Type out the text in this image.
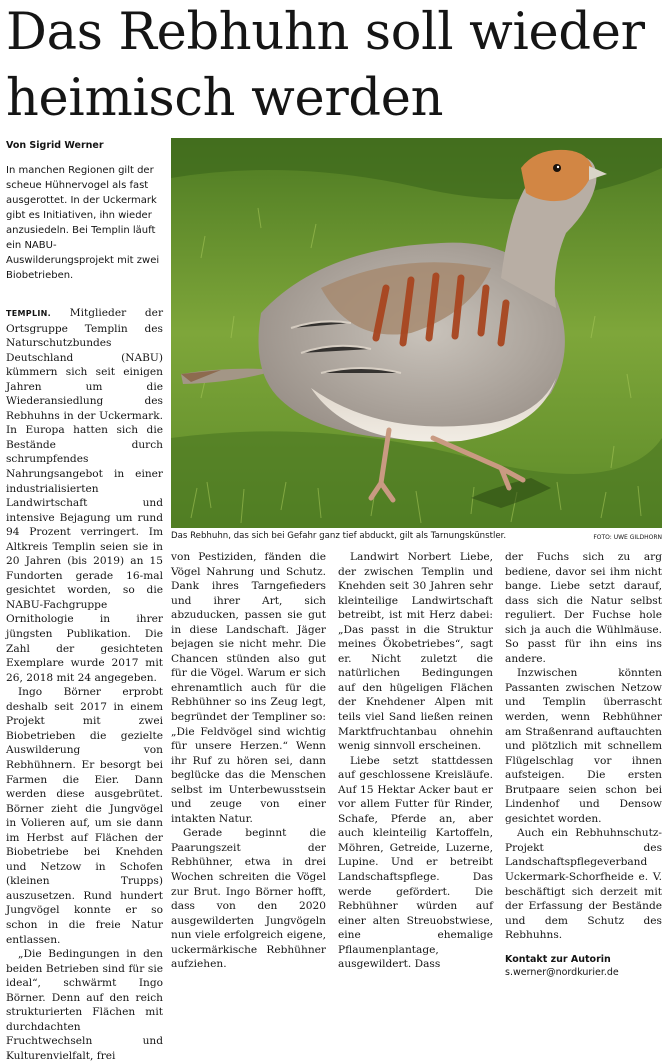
Das Rebhuhn soll wieder heimisch werden
Von Sigrid Werner
In manchen Regionen gilt der scheue Hühnervogel als fast ausgerottet. In der Uckermark gibt es Initiativen, ihn wieder anzusiedeln. Bei Templin läuft ein NABU-Auswilderungsprojekt mit zwei Biobetrieben.
Das Rebhuhn, das sich bei Gefahr ganz tief abduckt, gilt als Tarnungskünstler.	FOTO: UWE GILDHORN

TEMPLIN. Mitglieder der Ortsgruppe Templin des Naturschutzbundes Deutschland (NABU) kümmern sich seit einigen Jahren um die Wiederansiedlung des Rebhuhns in der Uckermark. In Europa hatten sich die Bestände durch schrumpfendes Nahrungsangebot in einer industrialisierten Landwirtschaft und intensive Bejagung um rund 94 Prozent verringert. Im Altkreis Templin seien sie in 20 Jahren (bis 2019) an 15 Fundorten gerade 16-mal gesichtet worden, so die NABU-Fachgruppe Ornithologie in ihrer jüngsten Publikation. Die Zahl der gesichteten Exemplare wurde 2017 mit 26, 2018 mit 24 angegeben.

Ingo Börner erprobt deshalb seit 2017 in einem Projekt mit zwei Biobetrieben die gezielte Auswilderung von Rebhühnern. Er besorgt bei Farmen die Eier. Dann werden diese ausgebrütet. Börner zieht die Jungvögel in Volieren auf, um sie dann im Herbst auf Flächen der Biobetriebe bei Knehden und Netzow in Schofen (kleinen Trupps) auszusetzen. Rund hundert Jungvögel konnte er so schon in die freie Natur entlassen.

„Die Bedingungen in den beiden Betrieben sind für sie ideal“, schwärmt Ingo Börner. Denn auf den reich strukturierten Flächen mit durchdachten Fruchtwechseln und Kulturenvielfalt, frei

von Pestiziden, fänden die Vögel Nahrung und Schutz. Dank ihres Tarngefieders und ihrer Art, sich abzuducken, passen sie gut in diese Landschaft. Jäger bejagen sie nicht mehr. Die Chancen stünden also gut für die Vögel. Warum er sich ehrenamtlich auch für die Rebhühner so ins Zeug legt, begründet der Templiner so: „Die Feldvögel sind wichtig für unsere Herzen.“ Wenn ihr Ruf zu hören sei, dann beglücke das die Menschen selbst im Unterbewusstsein und zeuge von einer intakten Natur.

Gerade beginnt die Paarungszeit der Rebhühner, etwa in drei Wochen schreiten die Vögel zur Brut. Ingo Börner hofft, dass von den 2020 ausgewilderten Jungvögeln nun viele erfolgreich eigene, uckermärkische Rebhühner aufziehen.

Landwirt Norbert Liebe, der zwischen Templin und Knehden seit 30 Jahren sehr kleinteilige Landwirtschaft betreibt, ist mit Herz dabei: „Das passt in die Struktur meines Ökobetriebes“, sagt er. Nicht zuletzt die natürlichen Bedingungen auf den hügeligen Flächen der Knehdener Alpen mit teils viel Sand ließen reinen Marktfruchtanbau ohnehin wenig sinnvoll erscheinen.

Liebe setzt stattdessen auf geschlossene Kreisläufe. Auf 15 Hektar Acker baut er vor allem Futter für Rinder, Schafe, Pferde an, aber auch kleinteilig Kartoffeln, Möhren, Getreide, Luzerne, Lupine. Und er betreibt Landschaftspflege. Das werde gefördert. Die Rebhühner würden auf einer alten Streuobstwiese, eine ehemalige Pflaumenplantage, ausgewildert. Dass

der Fuchs sich zu arg bediene, davor sei ihm nicht bange. Liebe setzt darauf, dass sich die Natur selbst reguliert. Der Fuchse hole sich ja auch die Wühlmäuse. So passt für ihn eins ins andere.

Inzwischen könnten Passanten zwischen Netzow und Templin überrascht werden, wenn Rebhühner am Straßenrand auftauchten und plötzlich mit schnellem Flügelschlag vor ihnen aufsteigen. Die ersten Brutpaare seien schon bei Lindenhof und Densow gesichtet worden.

Auch ein Rebhuhnschutz-Projekt des Landschaftspflegeverband Uckermark-Schorfheide e. V. beschäftigt sich derzeit mit der Erfassung der Bestände und dem Schutz des Rebhuhns.

Kontakt zur Autorin
s.werner@nordkurier.de
